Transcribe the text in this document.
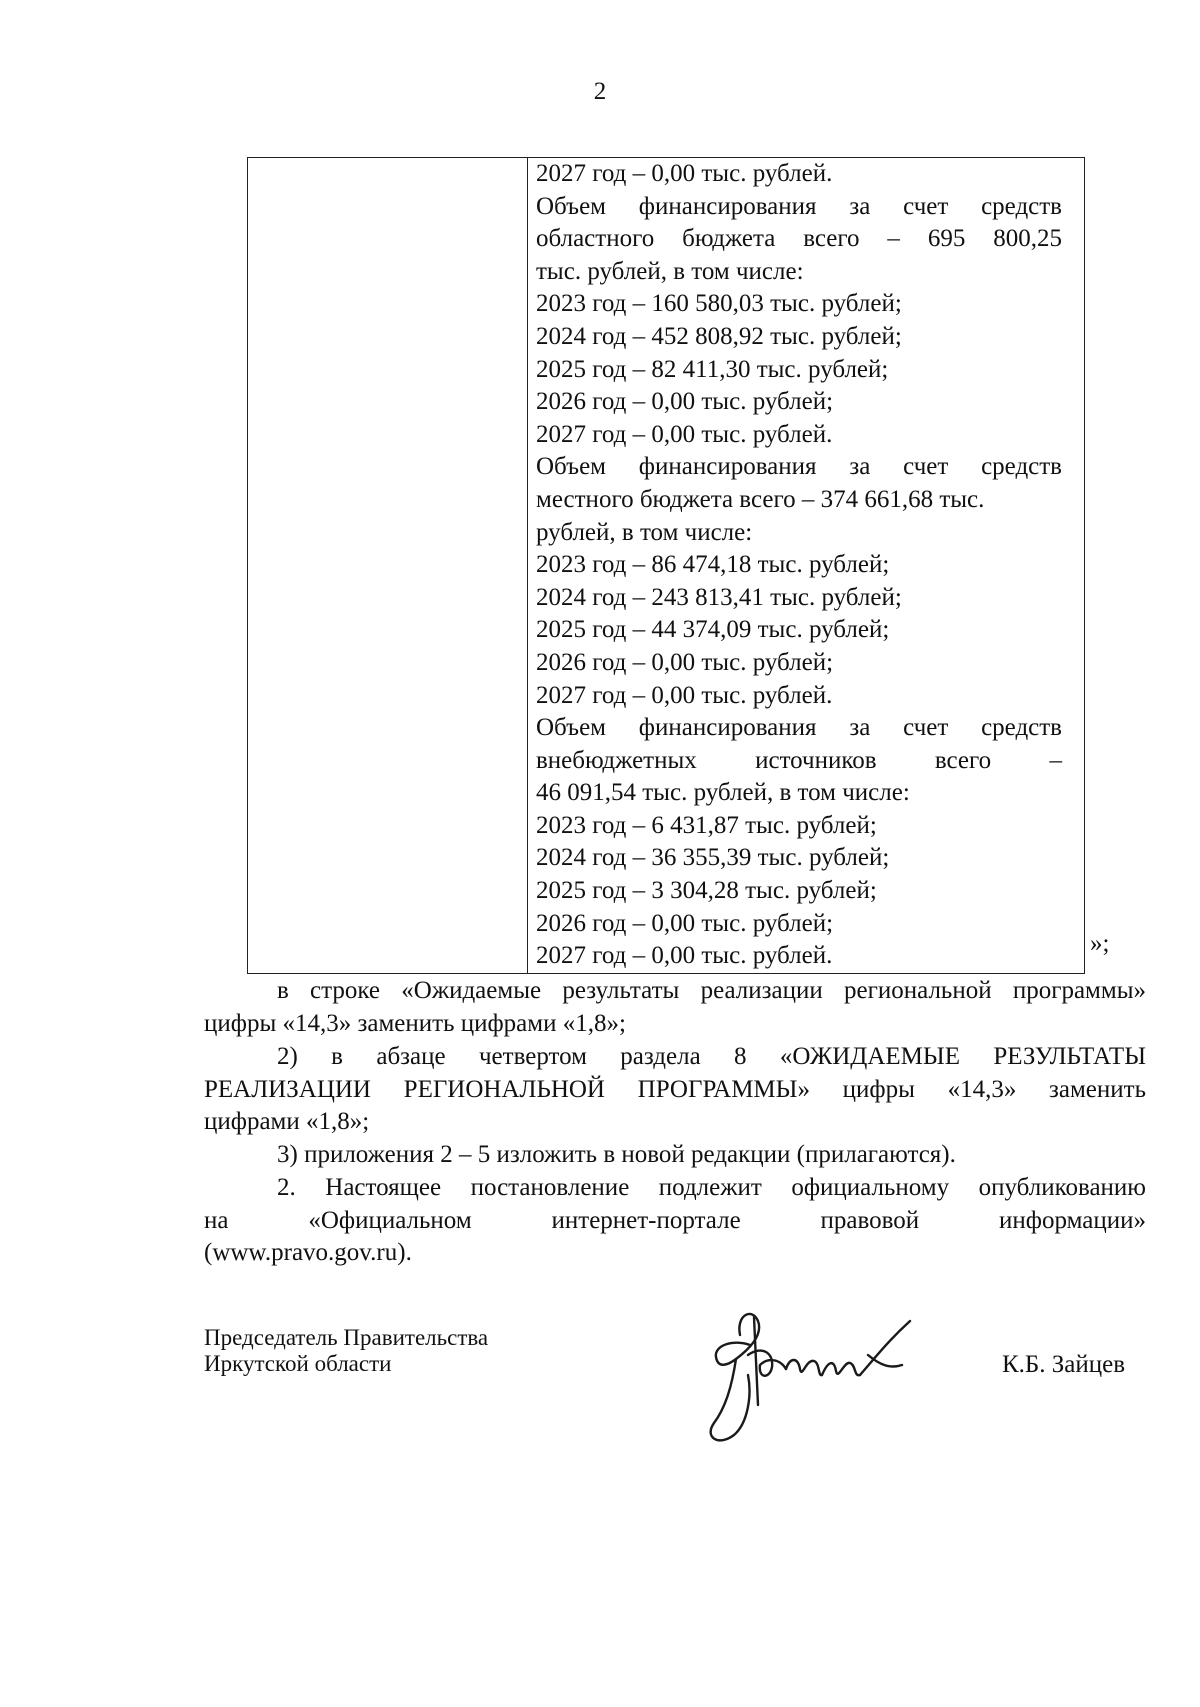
2

2027 год – 0,00 тыс. рублей.
Объем финансирования за счет средств
областного бюджета всего – 695 800,25
тыс. рублей, в том числе:
2023 год – 160 580,03 тыс. рублей;
2024 год – 452 808,92 тыс. рублей;
2025 год – 82 411,30 тыс. рублей;
2026 год – 0,00 тыс. рублей;
2027 год – 0,00 тыс. рублей.
Объем финансирования за счет средств
местного бюджета всего – 374 661,68 тыс.
рублей, в том числе:
2023 год – 86 474,18 тыс. рублей;
2024 год – 243 813,41 тыс. рублей;
2025 год – 44 374,09 тыс. рублей;
2026 год – 0,00 тыс. рублей;
2027 год – 0,00 тыс. рублей.
Объем финансирования за счет средств
внебюджетных источников всего –
46 091,54 тыс. рублей, в том числе:
2023 год – 6 431,87 тыс. рублей;
2024 год – 36 355,39 тыс. рублей;
2025 год – 3 304,28 тыс. рублей;
2026 год – 0,00 тыс. рублей;
2027 год – 0,00 тыс. рублей.	»;
в строке «Ожидаемые результаты реализации региональной программы»
цифры «14,3» заменить цифрами «1,8»;
2) в абзаце четвертом раздела 8 «ОЖИДАЕМЫЕ РЕЗУЛЬТАТЫ
РЕАЛИЗАЦИИ РЕГИОНАЛЬНОЙ ПРОГРАММЫ» цифры «14,3» заменить
цифрами «1,8»;
3) приложения 2 – 5 изложить в новой редакции (прилагаются).
2. Настоящее постановление подлежит официальному опубликованию
на «Официальном интернет-портале правовой информации»
(www.pravo.gov.ru).
Председатель Правительства
Иркутской области	К.Б. Зайцев
